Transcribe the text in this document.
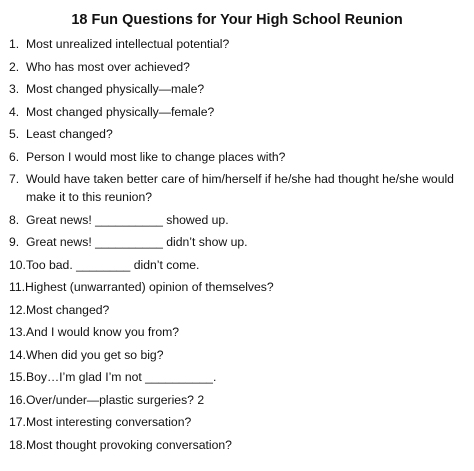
18 Fun Questions for Your High School Reunion
1. Most unrealized intellectual potential?
2. Who has most over achieved?
3. Most changed physically—male?
4. Most changed physically—female?
5. Least changed?
6. Person I would most like to change places with?
7. Would have taken better care of him/herself if he/she had thought he/she would make it to this reunion?
8. Great news! __________ showed up.
9. Great news! __________ didn’t show up.
10. Too bad. ________ didn’t come.
11. Highest (unwarranted) opinion of themselves?
12. Most changed?
13. And I would know you from?
14. When did you get so big?
15. Boy…I’m glad I’m not __________.
16. Over/under—plastic surgeries? 2
17. Most interesting conversation?
18. Most thought provoking conversation?
